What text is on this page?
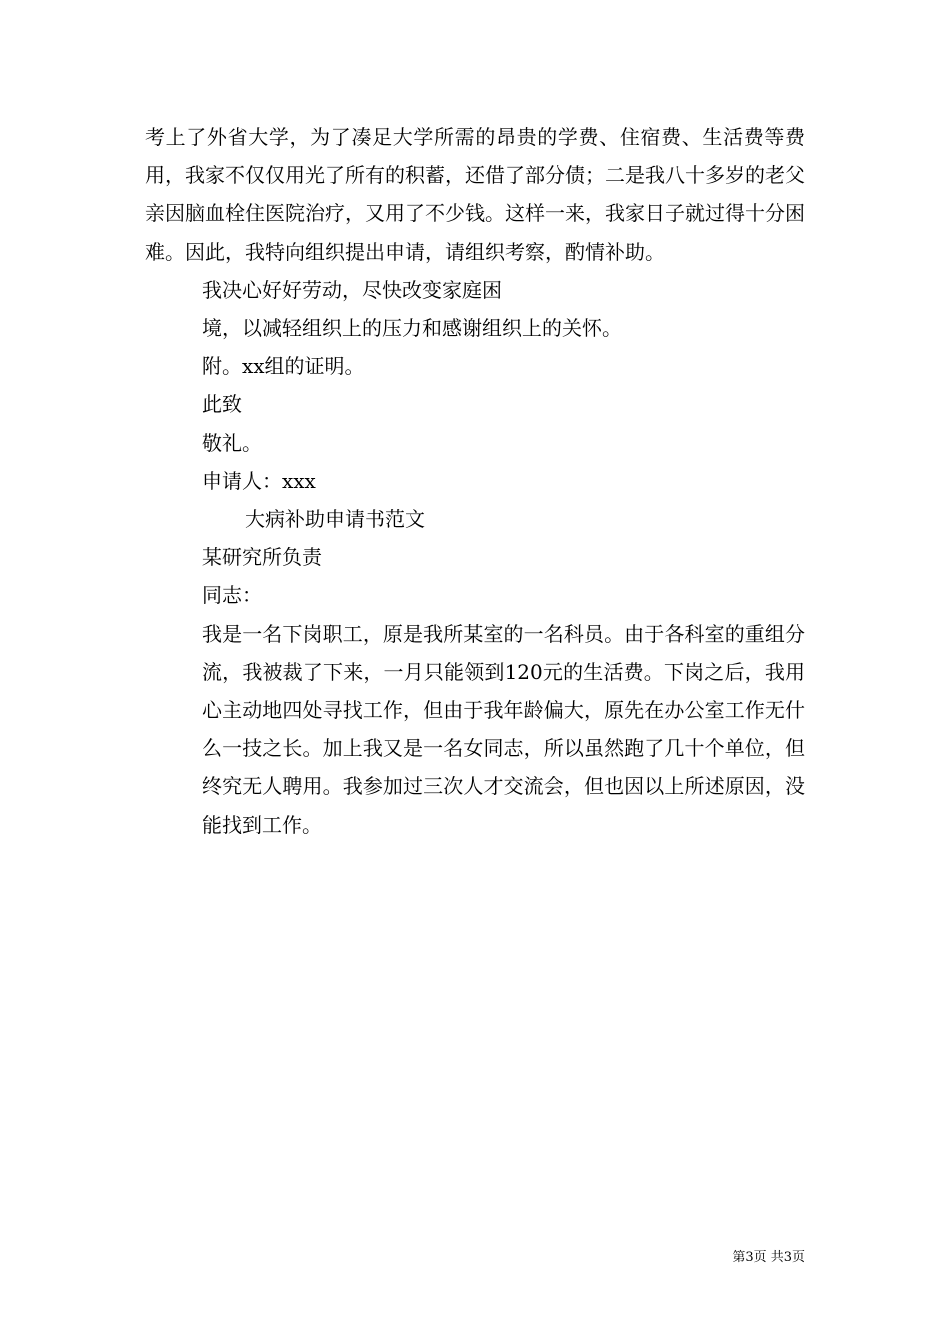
考上了外省大学，为了凑足大学所需的昂贵的学费、住宿费、生活费等费用，我家不仅仅用光了所有的积蓄，还借了部分债；二是我八十多岁的老父亲因脑血栓住医院治疗，又用了不少钱。这样一来，我家日子就过得十分困难。因此，我特向组织提出申请，请组织考察，酌情补助。

我决心好好劳动，尽快改变家庭困

境，以减轻组织上的压力和感谢组织上的关怀。

附。xx组的证明。

此致

敬礼。

申请人：xxx

大病补助申请书范文

某研究所负责

同志：

我是一名下岗职工，原是我所某室的一名科员。由于各科室的重组分流，我被裁了下来，一月只能领到120元的生活费。下岗之后，我用心主动地四处寻找工作，但由于我年龄偏大，原先在办公室工作无什么一技之长。加上我又是一名女同志，所以虽然跑了几十个单位，但终究无人聘用。我参加过三次人才交流会，但也因以上所述原因，没能找到工作。

第3页 共3页
